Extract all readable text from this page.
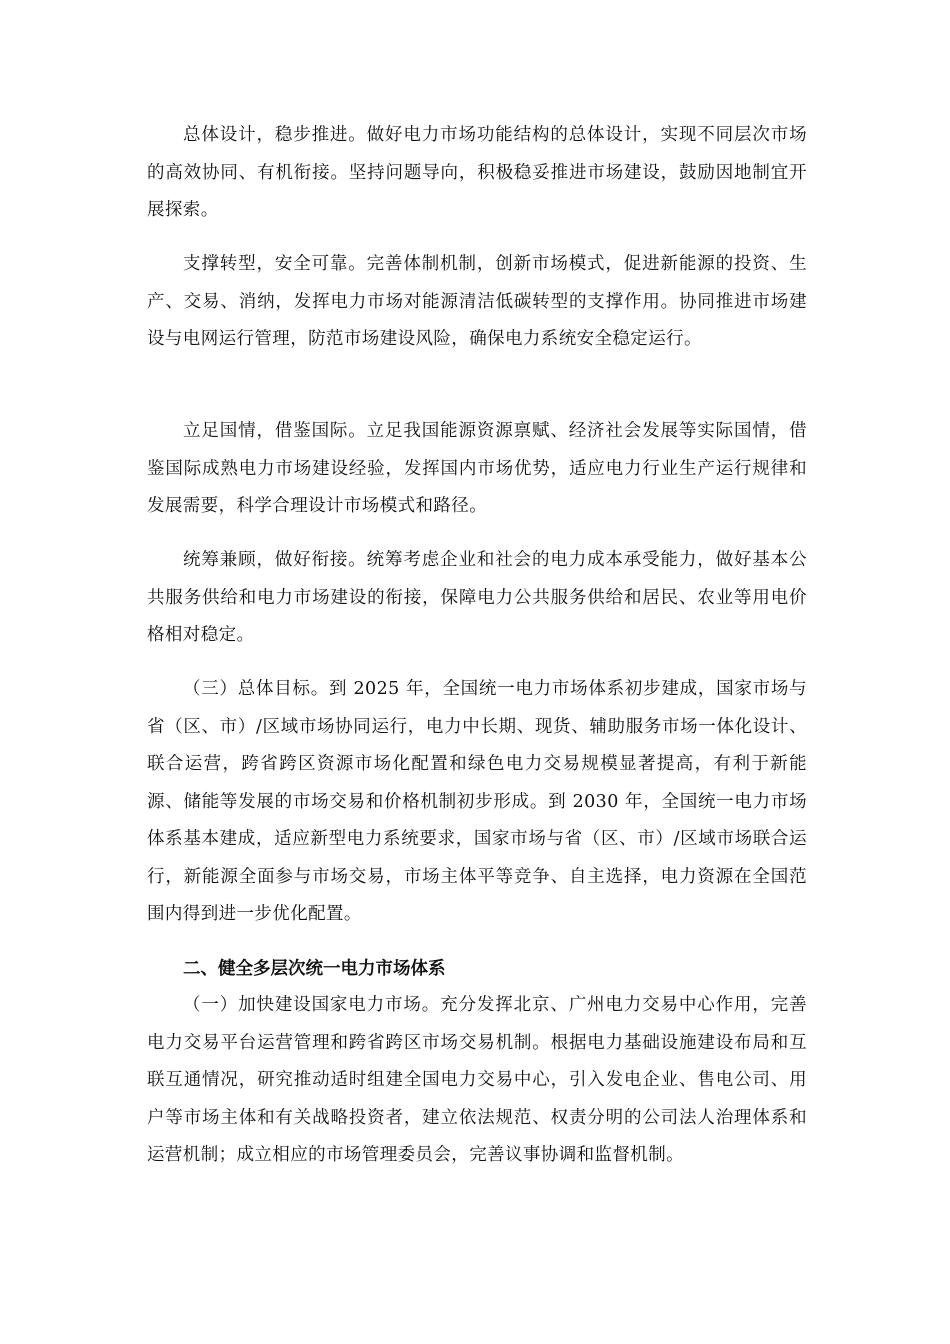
总体设计，稳步推进。做好电力市场功能结构的总体设计，实现不同层次市场的高效协同、有机衔接。坚持问题导向，积极稳妥推进市场建设，鼓励因地制宜开展探索。

支撑转型，安全可靠。完善体制机制，创新市场模式，促进新能源的投资、生产、交易、消纳，发挥电力市场对能源清洁低碳转型的支撑作用。协同推进市场建设与电网运行管理，防范市场建设风险，确保电力系统安全稳定运行。

立足国情，借鉴国际。立足我国能源资源禀赋、经济社会发展等实际国情，借鉴国际成熟电力市场建设经验，发挥国内市场优势，适应电力行业生产运行规律和发展需要，科学合理设计市场模式和路径。

统筹兼顾，做好衔接。统筹考虑企业和社会的电力成本承受能力，做好基本公共服务供给和电力市场建设的衔接，保障电力公共服务供给和居民、农业等用电价格相对稳定。

（三）总体目标。到 2025 年，全国统一电力市场体系初步建成，国家市场与省（区、市）/区域市场协同运行，电力中长期、现货、辅助服务市场一体化设计、联合运营，跨省跨区资源市场化配置和绿色电力交易规模显著提高，有利于新能源、储能等发展的市场交易和价格机制初步形成。到 2030 年，全国统一电力市场体系基本建成，适应新型电力系统要求，国家市场与省（区、市）/区域市场联合运行，新能源全面参与市场交易，市场主体平等竞争、自主选择，电力资源在全国范围内得到进一步优化配置。

二、健全多层次统一电力市场体系

（一）加快建设国家电力市场。充分发挥北京、广州电力交易中心作用，完善电力交易平台运营管理和跨省跨区市场交易机制。根据电力基础设施建设布局和互联互通情况，研究推动适时组建全国电力交易中心，引入发电企业、售电公司、用户等市场主体和有关战略投资者，建立依法规范、权责分明的公司法人治理体系和运营机制；成立相应的市场管理委员会，完善议事协调和监督机制。
